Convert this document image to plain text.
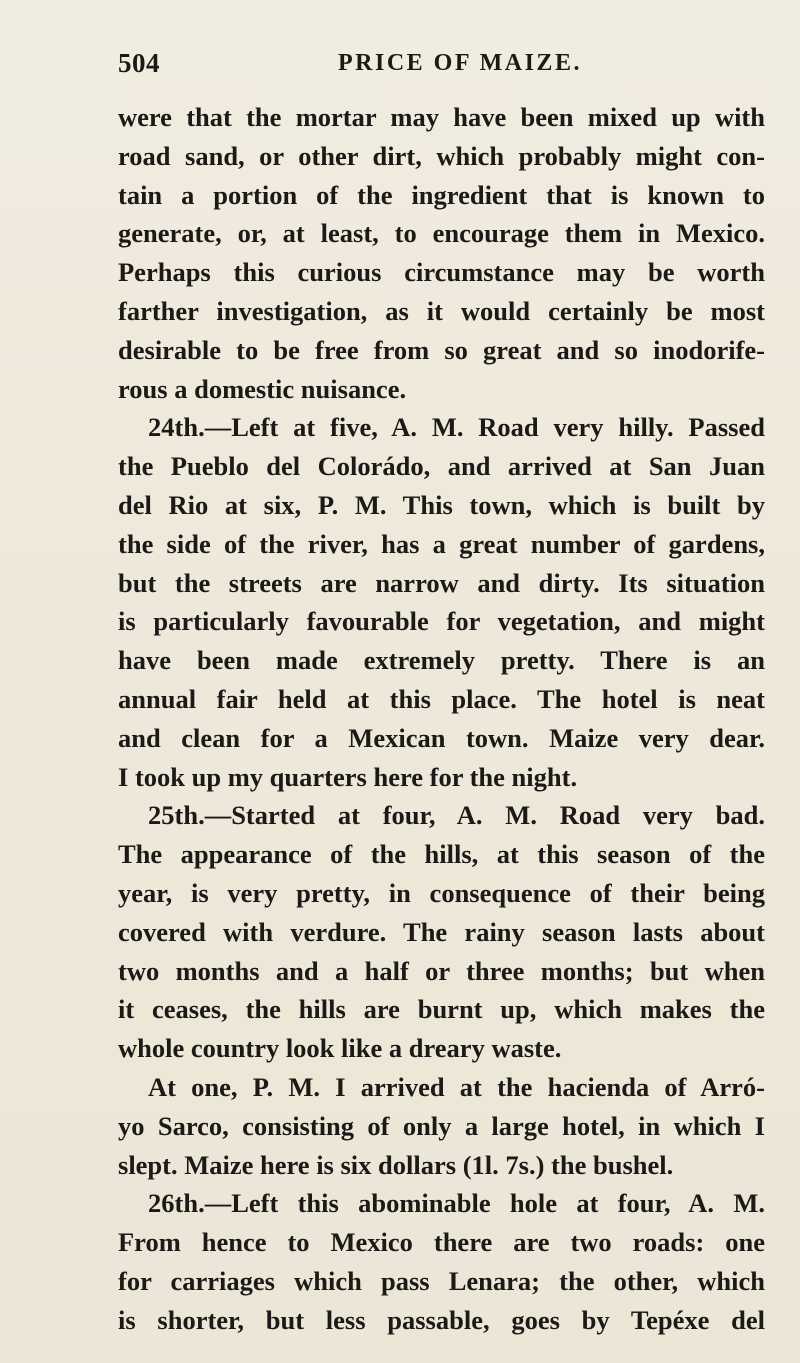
504	PRICE OF MAIZE.
were that the mortar may have been mixed up with
road sand, or other dirt, which probably might con-
tain a portion of the ingredient that is known to
generate, or, at least, to encourage them in Mexico.
Perhaps this curious circumstance may be worth
farther investigation, as it would certainly be most
desirable to be free from so great and so inodorife-
rous a domestic nuisance.
24th.—Left at five, A. M. Road very hilly. Passed
the Pueblo del Colorádo, and arrived at San Juan
del Rio at six, P. M. This town, which is built by
the side of the river, has a great number of gardens,
but the streets are narrow and dirty. Its situation
is particularly favourable for vegetation, and might
have been made extremely pretty. There is an
annual fair held at this place. The hotel is neat
and clean for a Mexican town. Maize very dear.
I took up my quarters here for the night.
25th.—Started at four, A. M. Road very bad.
The appearance of the hills, at this season of the
year, is very pretty, in consequence of their being
covered with verdure. The rainy season lasts about
two months and a half or three months; but when
it ceases, the hills are burnt up, which makes the
whole country look like a dreary waste.
At one, P. M. I arrived at the hacienda of Arró-
yo Sarco, consisting of only a large hotel, in which I
slept. Maize here is six dollars (1l. 7s.) the bushel.
26th.—Left this abominable hole at four, A. M.
From hence to Mexico there are two roads: one
for carriages which pass Lenara; the other, which
is shorter, but less passable, goes by Tepéxe del
